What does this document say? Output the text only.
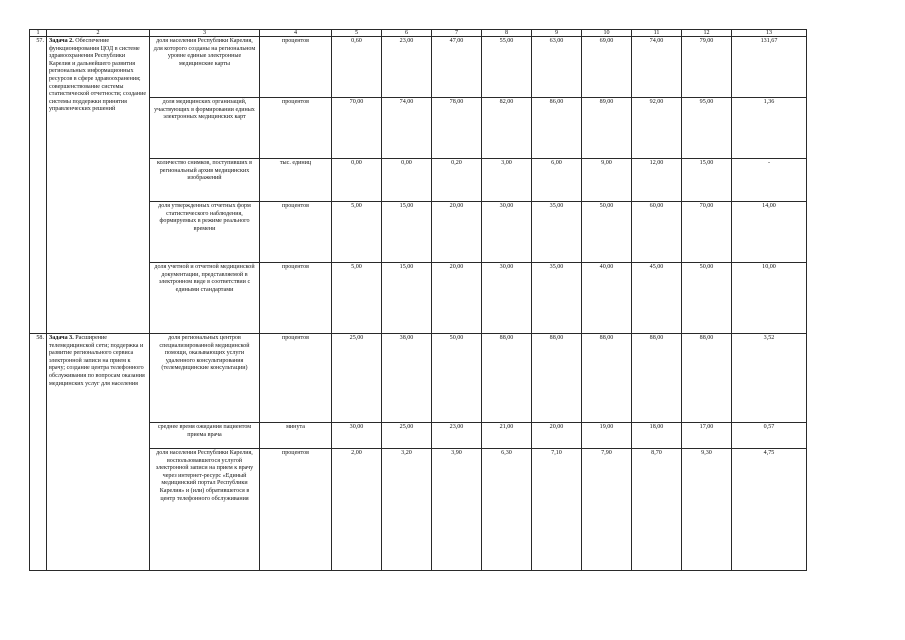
1	2	3	4	5	6	7	8	9	10	11	12	13
57.	Задача 2. Обеспечение функционирования ЦОД в системе здравоохранения Республики Карелия и дальнейшего развития региональных информационных ресурсов в сфере здравоохранения; совершенствование системы статистической отчетности; создание системы поддержки принятия управленческих решений	доля населения Республики Карелия, для которого созданы на региональном уровне единые электронные медицинские карты	процентов	0,60	23,00	47,00	55,00	63,00	69,00	74,00	79,00	131,67
		доля медицинских организаций, участвующих в формировании единых электронных медицинских карт	процентов	70,00	74,00	78,00	82,00	86,00	89,00	92,00	95,00	1,36
		количество снимков, поступивших в региональный архив медицинских изображений	тыс. единиц	0,00	0,00	0,20	3,00	6,00	9,00	12,00	15,00	-
		доля утвержденных отчетных форм статистического наблюдения, формируемых в режиме реального времени	процентов	5,00	15,00	20,00	30,00	35,00	50,00	60,00	70,00	14,00
		доля учетной и отчетной медицинской документации, представляемой в электронном виде в соответствии с едиными стандартами	процентов	5,00	15,00	20,00	30,00	35,00	40,00	45,00	50,00	10,00
58.	Задача 3. Расширение телемедицинской сети; поддержка и развитие регионального сервиса электронной записи на прием к врачу; создание центра телефонного обслуживания по вопросам оказания медицинских услуг для населения	доля региональных центров специализированной медицинской помощи, оказывающих услуги удаленного консультирования (телемедицинские консультации)	процентов	25,00	38,00	50,00	88,00	88,00	88,00	88,00	88,00	3,52
		среднее время ожидания пациентом приема врача	минута	30,00	25,00	23,00	21,00	20,00	19,00	18,00	17,00	0,57
		доля населения Республики Карелия, воспользовавшегося услугой электронной записи на прием к врачу через интернет-ресурс «Единый медицинский портал Республики Карелия» и (или) обратившегося в центр телефонного обслуживания	процентов	2,00	3,20	3,90	6,30	7,10	7,90	8,70	9,30	4,75
